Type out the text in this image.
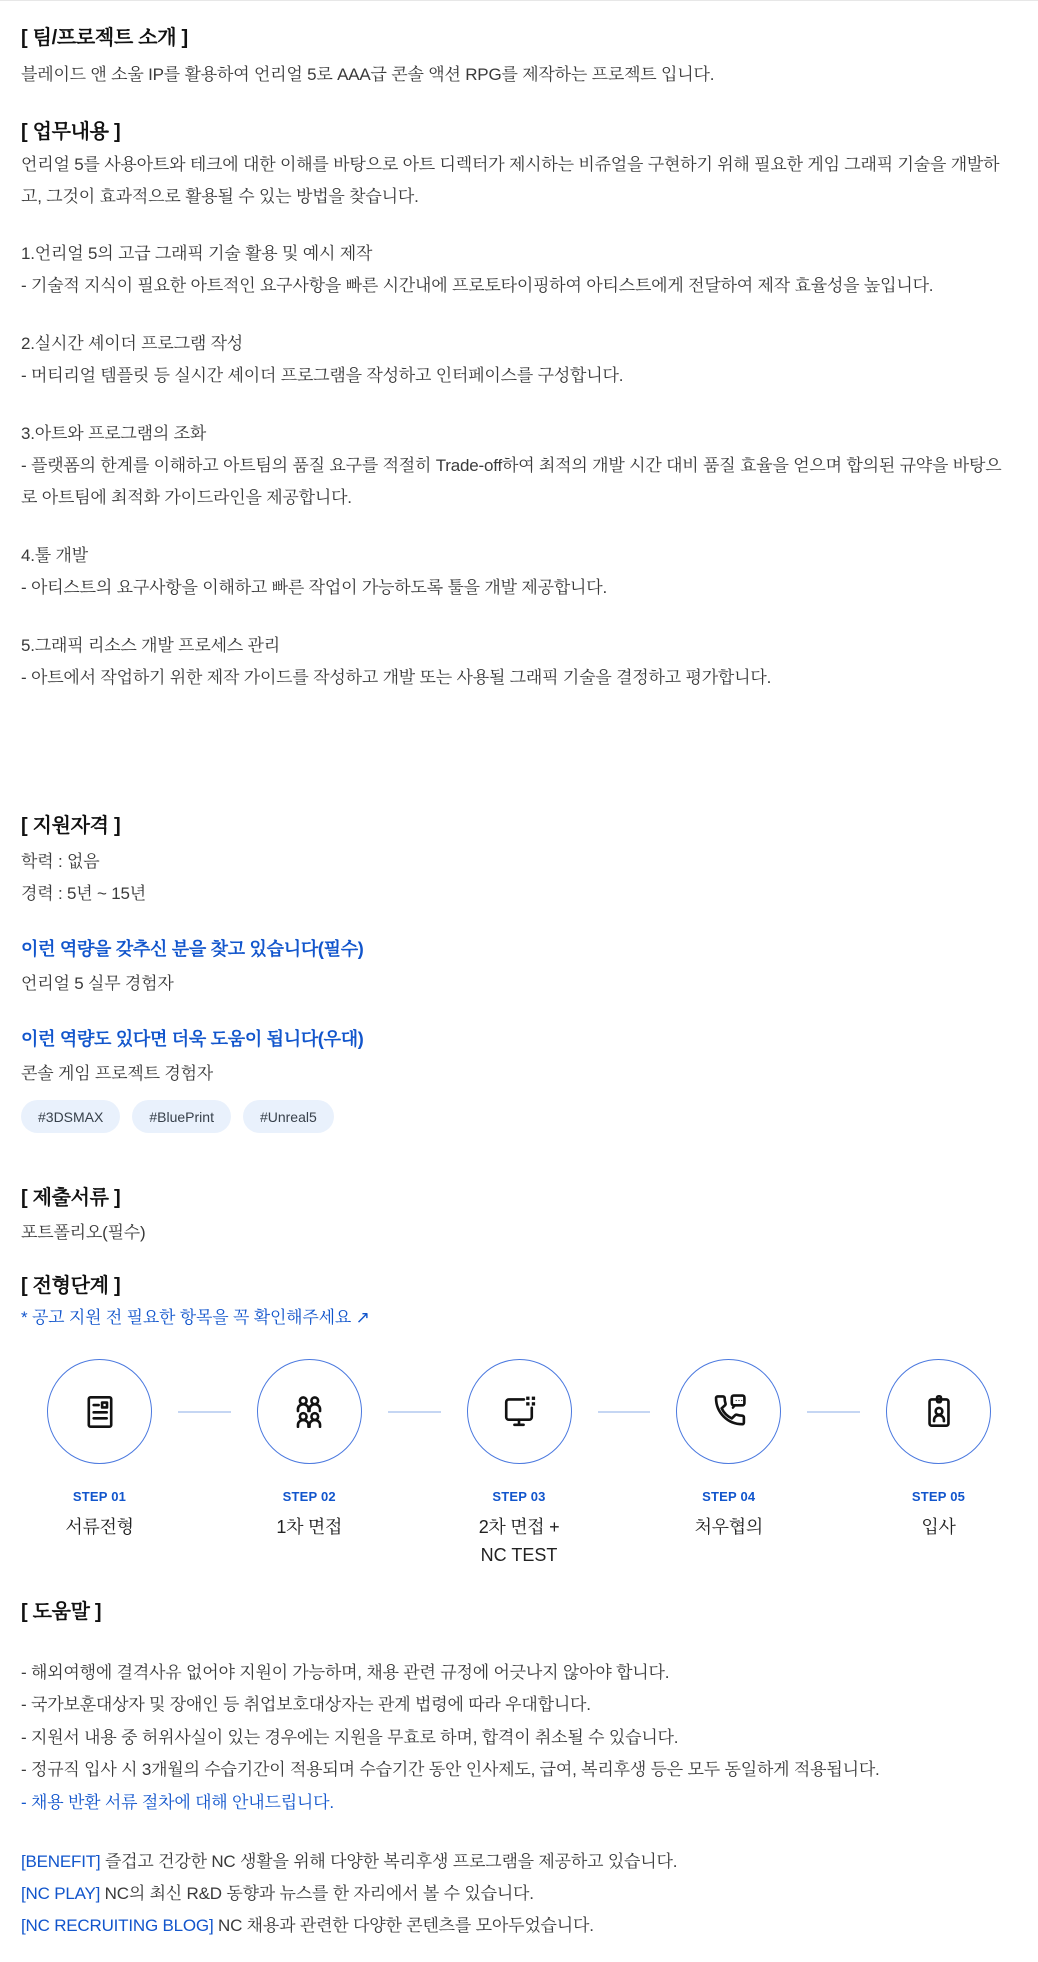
[ 팀/프로젝트 소개 ]

블레이드 앤 소울 IP를 활용하여 언리얼 5로 AAA급 콘솔 액션 RPG를 제작하는 프로젝트 입니다.

[ 업무내용 ]

언리얼 5를 사용아트와 테크에 대한 이해를 바탕으로 아트 디렉터가 제시하는 비쥬얼을 구현하기 위해 필요한 게임 그래픽 기술을 개발하고, 그것이 효과적으로 활용될 수 있는 방법을 찾습니다.

1.언리얼 5의 고급 그래픽 기술 활용 및 예시 제작

- 기술적 지식이 필요한 아트적인 요구사항을 빠른 시간내에 프로토타이핑하여 아티스트에게 전달하여 제작 효율성을 높입니다.

2.실시간 셰이더 프로그램 작성

- 머티리얼 템플릿 등 실시간 셰이더 프로그램을 작성하고 인터페이스를 구성합니다.

3.아트와 프로그램의 조화

- 플랫폼의 한계를 이해하고 아트팀의 품질 요구를 적절히 Trade-off하여 최적의 개발 시간 대비 품질 효율을 얻으며 합의된 규약을 바탕으로 아트팀에 최적화 가이드라인을 제공합니다.

4.툴 개발

- 아티스트의 요구사항을 이해하고 빠른 작업이 가능하도록 툴을 개발 제공합니다.

5.그래픽 리소스 개발 프로세스 관리

- 아트에서 작업하기 위한 제작 가이드를 작성하고 개발 또는 사용될 그래픽 기술을 결정하고 평가합니다.

[ 지원자격 ]

학력 : 없음

경력 : 5년 ~ 15년

이런 역량을 갖추신 분을 찾고 있습니다(필수)

언리얼 5 실무 경험자

이런 역량도 있다면 더욱 도움이 됩니다(우대)

콘솔 게임 프로젝트 경험자

#3DSMAX	#BluePrint	#Unreal5
[ 제출서류 ]

포트폴리오(필수)

[ 전형단계 ]
* 공고 지원 전 필요한 항목을 꼭 확인해주세요 ↗
STEP 01
서류전형
STEP 02
1차 면접
STEP 03
2차 면접 +
NC TEST
STEP 04
처우협의
STEP 05
입사
[ 도움말 ]

- 해외여행에 결격사유 없어야 지원이 가능하며, 채용 관련 규정에 어긋나지 않아야 합니다.

- 국가보훈대상자 및 장애인 등 취업보호대상자는 관계 법령에 따라 우대합니다.

- 지원서 내용 중 허위사실이 있는 경우에는 지원을 무효로 하며, 합격이 취소될 수 있습니다.

- 정규직 입사 시 3개월의 수습기간이 적용되며 수습기간 동안 인사제도, 급여, 복리후생 등은 모두 동일하게 적용됩니다.

- 채용 반환 서류 절차에 대해 안내드립니다.

[BENEFIT] 즐겁고 건강한 NC 생활을 위해 다양한 복리후생 프로그램을 제공하고 있습니다.

[NC PLAY] NC의 최신 R&D 동향과 뉴스를 한 자리에서 볼 수 있습니다.

[NC RECRUITING BLOG] NC 채용과 관련한 다양한 콘텐츠를 모아두었습니다.
